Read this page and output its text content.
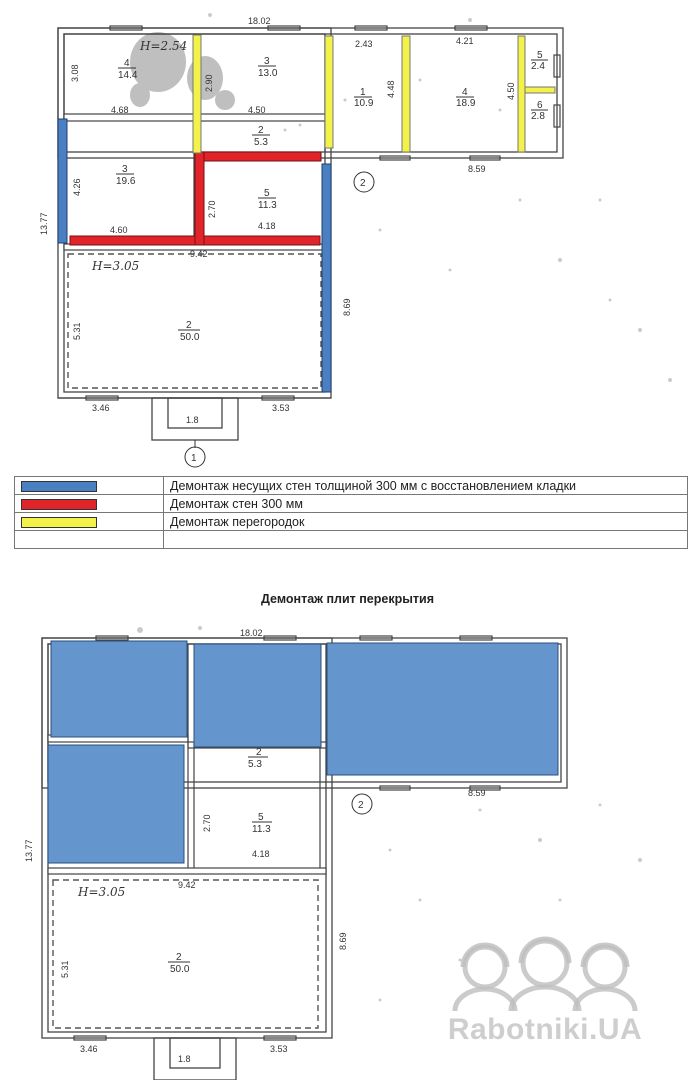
2
1
18.02
13.77
3.08
4.68
2.90
4.50
2.43
4.48
4.21
4.50
8.59
4.26
4.60
2.70
4.18
9.42
5.31
8.69
3.46	3.53
1.8
H=2.54
H=3.05
4
14.4
3
13.0
1
10.9
4
18.9
5
2.4
6
2.8
2
5.3
3
19.6
5
11.3
2
50.0
	Демонтаж несущих стен толщиной 300 мм с восстановлением кладки
	Демонтаж стен 300 мм
	Демонтаж перегородок

Демонтаж плит перекрытия
2
18.02
13.77
8.59
2.70
4.18
9.42
5.31
8.69
3.46	3.53
1.8
H=3.05
2
5.3
5
11.3
2
50.0
Rabotniki.UA
